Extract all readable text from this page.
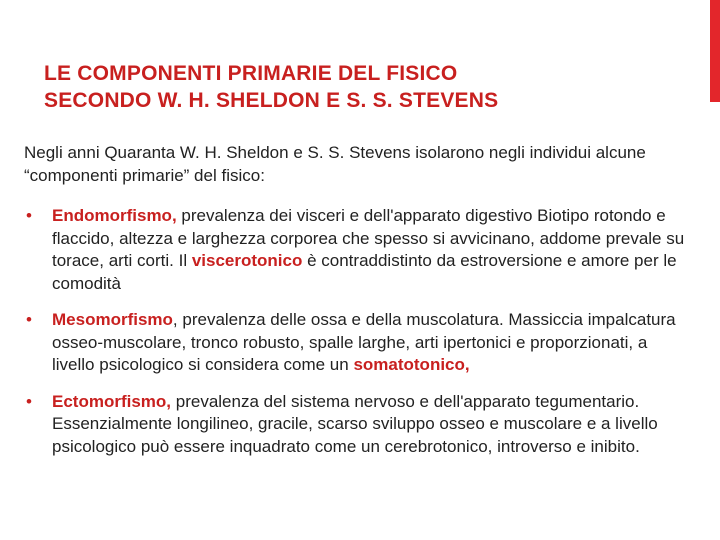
LE COMPONENTI PRIMARIE DEL FISICO
SECONDO W. H. SHELDON E S. S. STEVENS

Negli anni Quaranta W. H. Sheldon e S. S. Stevens isolarono negli individui alcune “componenti primarie” del fisico:

• Endomorfismo, prevalenza dei visceri e dell'apparato digestivo Biotipo rotondo e flaccido, altezza e larghezza corporea che spesso si avvicinano, addome prevale su torace, arti corti. Il viscerotonico è contraddistinto da estroversione e amore per le comodità
• Mesomorfismo, prevalenza delle ossa e della muscolatura. Massiccia impalcatura osseo-muscolare, tronco robusto, spalle larghe, arti ipertonici e proporzionati, a livello psicologico si considera come un somatotonico,
• Ectomorfismo, prevalenza del sistema nervoso e dell'apparato tegumentario. Essenzialmente longilineo, gracile, scarso sviluppo osseo e muscolare e a livello psicologico può essere inquadrato come un cerebrotonico, introverso e inibito.
